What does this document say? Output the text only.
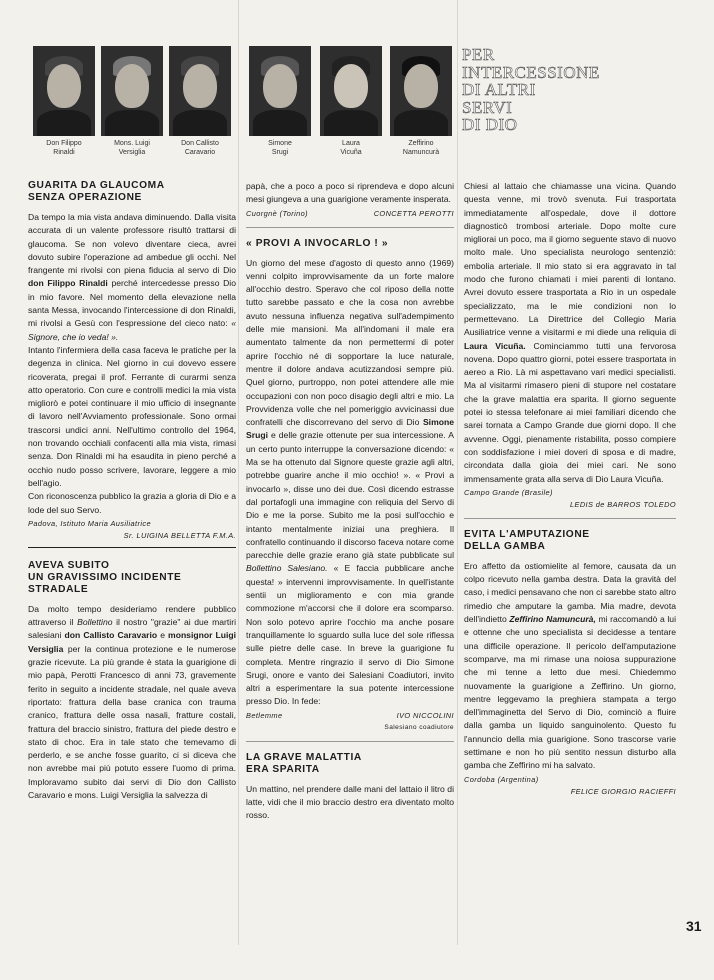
Don Filippo
Rinaldi
Mons. Luigi
Versiglia
Don Callisto
Caravario
Simone
Srugi
Laura
Vicuña
Zeffirino
Namuncurà

PER

INTERCESSIONE

DI ALTRI

SERVI

DI DIO

GUARITA DA GLAUCOMA
SENZA OPERAZIONE

Da tempo la mia vista andava diminuendo. Dalla visita accurata di un valente professore risultò trattarsi di glaucoma. Se non volevo diventare cieca, avrei dovuto subire l'operazione ad ambedue gli occhi. Nel frangente mi rivolsi con piena fiducia al servo di Dio don Filippo Rinaldi perché intercedesse presso Dio in mio favore. Nel momento della elevazione nella santa Messa, invocando l'intercessione di don Rinaldi, mi rivolsi a Gesù con l'espressione del cieco nato: « Signore, che io veda! ».

Intanto l'infermiera della casa faceva le pratiche per la degenza in clinica. Nel giorno in cui dovevo essere ricoverata, pregai il prof. Ferrante di curarmi senza atto operatorio. Con cure e controlli medici la mia vista migliorò e potei continuare il mio ufficio di insegnante di lavoro nell'Avviamento professionale. Sono ormai trascorsi undici anni. Nell'ultimo controllo del 1964, non trovando occhiali confacenti alla mia vista, rimasi senza. Don Rinaldi mi ha esaudita in pieno perché a occhio nudo posso scrivere, lavorare, leggere a mio bell'agio.

Con riconoscenza pubblico la grazia a gloria di Dio e a lode del suo Servo.

Padova, Istituto Maria Ausiliatrice

Sr. LUIGINA BELLETTA F.M.A.

AVEVA SUBITO
UN GRAVISSIMO INCIDENTE
STRADALE

Da molto tempo desideriamo rendere pubblico attraverso il Bollettino il nostro "grazie" ai due martiri salesiani don Callisto Caravario e monsignor Luigi Versiglia per la continua protezione e le numerose grazie ricevute. La più grande è stata la guarigione di mio papà, Perotti Francesco di anni 73, gravemente ferito in seguito a incidente stradale, nel quale aveva riportato: frattura della base cranica con trauma cranico, frattura delle ossa nasali, fratture costali, frattura del braccio sinistro, frattura del piede destro e stato di choc. Era in tale stato che temevamo di perderlo, e se anche fosse guarito, ci si diceva che non avrebbe mai più potuto essere l'uomo di prima. Imploravamo subito dai servi di Dio don Callisto Caravario e mons. Luigi Versiglia la salvezza di

papà, che a poco a poco si riprendeva e dopo alcuni mesi giungeva a una guarigione veramente insperata.

Cuorgnè (Torino)	CONCETTA PEROTTI
« PROVI A INVOCARLO ! »

Un giorno del mese d'agosto di questo anno (1969) venni colpito improvvisamente da un forte malore all'occhio destro. Speravo che col riposo della notte tutto sarebbe passato e che la cosa non avrebbe avuto nessuna influenza negativa sull'adempimento delle mie mansioni. Ma all'indomani il male era aumentato talmente da non permettermi di poter aprire l'occhio né di sopportare la luce naturale, mentre il dolore andava acutizzandosi sempre più. Quel giorno, purtroppo, non potei attendere alle mie occupazioni con non poco disagio degli altri e mio. La Provvidenza volle che nel pomeriggio avvicinassi due confratelli che discorrevano del servo di Dio Simone Srugi e delle grazie ottenute per sua intercessione. A un certo punto interruppe la conversazione dicendo: « Ma se ha ottenuto dal Signore queste grazie agli altri, potrebbe guarire anche il mio occhio! ». « Provi a invocarlo », disse uno dei due. Così dicendo estrasse dal portafogli una immagine con reliquia del Servo di Dio e me la porse. Subito me la posi sull'occhio e intanto mentalmente iniziai una preghiera. Il confratello continuando il discorso faceva notare come parecchie delle grazie erano già state pubblicate sul Bollettino Salesiano. « E faccia pubblicare anche questa! » intervenni improvvisamente. In quell'istante sentii un miglioramento e con mia grande commozione m'accorsi che il dolore era scomparso. Non solo potevo aprire l'occhio ma anche posare tranquillamente lo sguardo sulla luce del sole riflessa sulle pietre delle case. In breve la guarigione fu completa. Mentre ringrazio il servo di Dio Simone Srugi, onore e vanto dei Salesiani Coadiutori, invito altri a esperimentare la sua potente intercessione presso Dio. In fede:

Betlemme	IVO NICCOLINI

Salesiano coadiutore

LA GRAVE MALATTIA
ERA SPARITA

Un mattino, nel prendere dalle mani del lattaio il litro di latte, vidi che il mio braccio destro era diventato molto rosso.

Chiesi al lattaio che chiamasse una vicina. Quando questa venne, mi trovò svenuta. Fui trasportata immediatamente all'ospedale, dove il dottore diagnosticò trombosi arteriale. Dopo molte cure migliorai un poco, ma il giorno seguente stavo di nuovo molto male. Uno specialista neurologo sentenziò: embolia arteriale. Il mio stato si era aggravato in tal modo che furono chiamati i miei parenti di lontano. Avrei dovuto essere trasportata a Rio in un ospedale specializzato, ma le mie condizioni non lo permettevano. La Direttrice del Collegio Maria Ausiliatrice venne a visitarmi e mi diede una reliquia di Laura Vicuña. Cominciammo tutti una fervorosa novena. Dopo quattro giorni, potei essere trasportata in aereo a Rio. Là mi aspettavano vari medici specialisti. Ma al visitarmi rimasero pieni di stupore nel costatare che la grave malattia era sparita. Il giorno seguente potei io stessa telefonare ai miei familiari dicendo che sarei tornata a Campo Grande due giorni dopo. Il che avvenne. Oggi, pienamente ristabilita, posso compiere con soddisfazione i miei doveri di sposa e di madre, circondata dalla gioia dei miei cari. Ne sono immensamente grata alla serva di Dio Laura Vicuña.

Campo Grande (Brasile)

LEDIS de BARROS TOLEDO

EVITA L'AMPUTAZIONE
DELLA GAMBA

Ero affetto da ostiomielite al femore, causata da un colpo ricevuto nella gamba destra. Data la gravità del caso, i medici pensavano che non ci sarebbe stato altro rimedio che amputare la gamba. Mia madre, devota dell'indietto Zeffirino Namuncurà, mi raccomandò a lui e ottenne che uno specialista si decidesse a tentare una difficile operazione. Il pericolo dell'amputazione scomparve, ma mi rimase una noiosa suppurazione che mi tenne a letto due mesi. Chiedemmo nuovamente la guarigione a Zeffirino. Un giorno, mentre leggevamo la preghiera stampata a tergo dell'immaginetta del Servo di Dio, cominciò a fluire dalla gamba un liquido sanguinolento. Questo fu l'annuncio della mia guarigione. Sono trascorse varie settimane e non ho più sentito nessun disturbo alla gamba che Zeffirino mi ha salvato.

Cordoba (Argentina)

FELICE GIORGIO RACIEFFI

31
